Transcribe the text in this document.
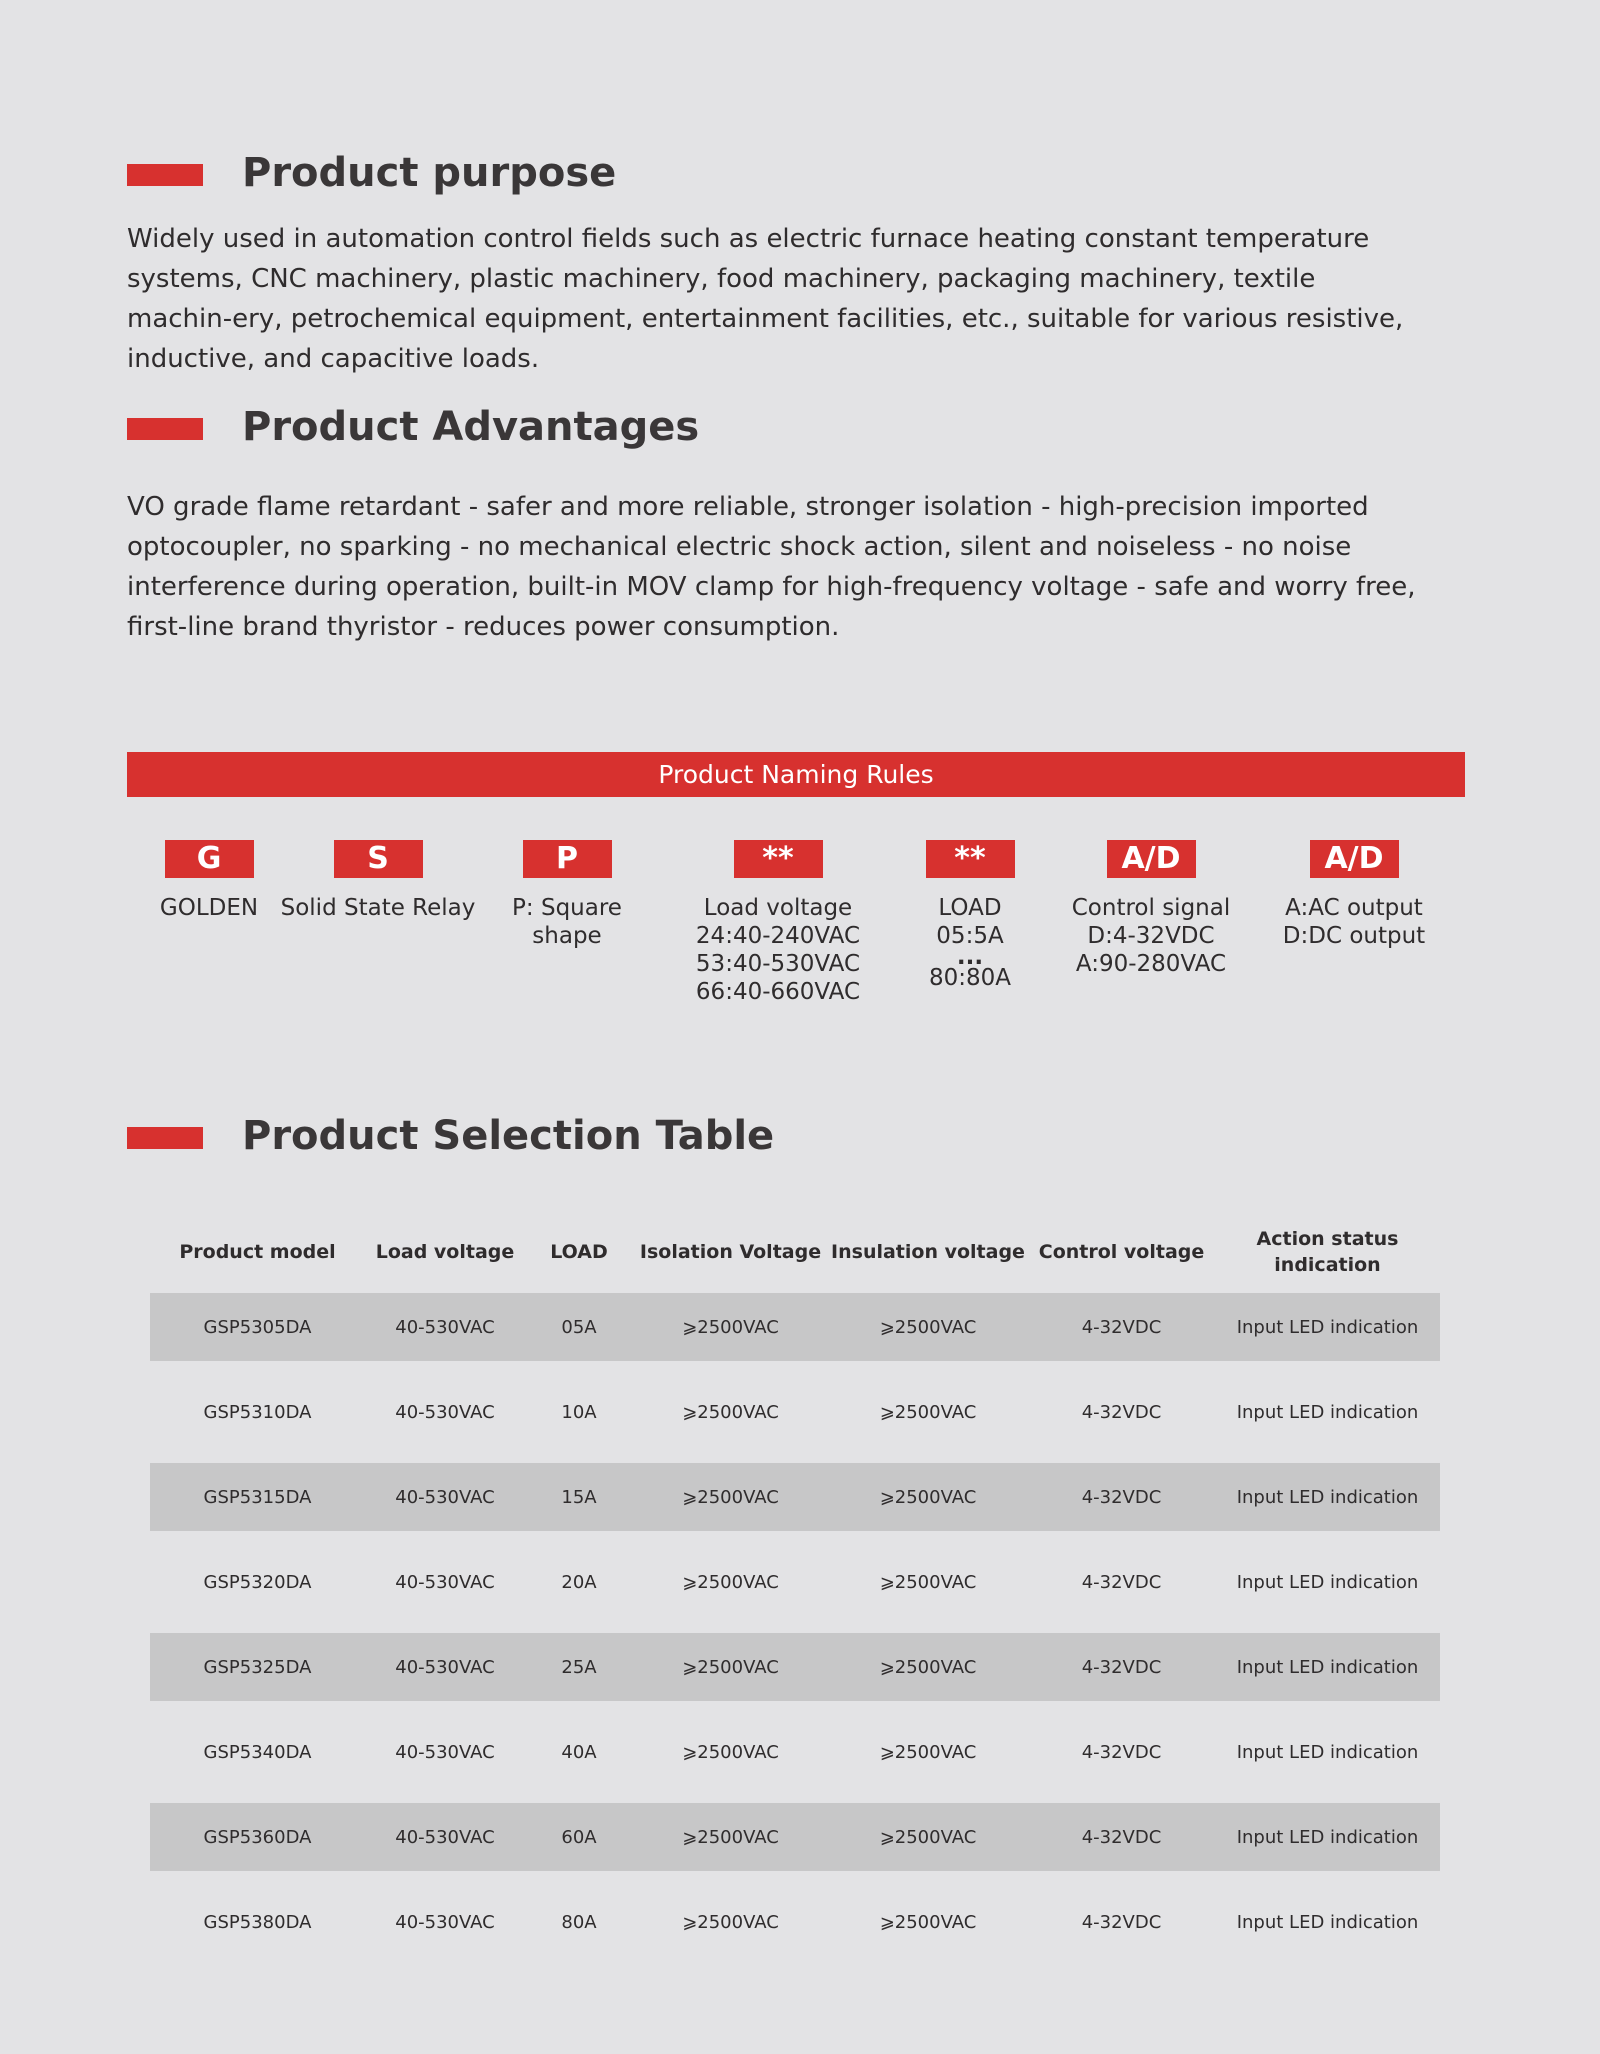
Product purpose

Widely used in automation control fields such as electric furnace heating constant temperature systems, CNC machinery, plastic machinery, food machinery, packaging machinery, textile machin-ery, petrochemical equipment, entertainment facilities, etc., suitable for various resistive, inductive, and capacitive loads.

Product Advantages

VO grade flame retardant - safer and more reliable, stronger isolation - high-precision imported optocoupler, no sparking - no mechanical electric shock action, silent and noiseless - no noise interference during operation, built-in MOV clamp for high-frequency voltage - safe and worry free, first-line brand thyristor - reduces power consumption.

Product Naming Rules
G
GOLDEN
S
Solid State Relay
P
P: Square
shape
**
Load voltage
24:40-240VAC
53:40-530VAC
66:40-660VAC
**
LOAD
05:5A
...
80:80A
A/D
Control signal
D:4-32VDC
A:90-280VAC
A/D
A:AC output
D:DC output
Product Selection Table
Product model	Load voltage	LOAD	Isolation Voltage	Insulation voltage	Control voltage	Action status indication
GSP5305DA	40-530VAC	05A	⩾2500VAC	⩾2500VAC	4-32VDC	Input LED indication
GSP5310DA	40-530VAC	10A	⩾2500VAC	⩾2500VAC	4-32VDC	Input LED indication
GSP5315DA	40-530VAC	15A	⩾2500VAC	⩾2500VAC	4-32VDC	Input LED indication
GSP5320DA	40-530VAC	20A	⩾2500VAC	⩾2500VAC	4-32VDC	Input LED indication
GSP5325DA	40-530VAC	25A	⩾2500VAC	⩾2500VAC	4-32VDC	Input LED indication
GSP5340DA	40-530VAC	40A	⩾2500VAC	⩾2500VAC	4-32VDC	Input LED indication
GSP5360DA	40-530VAC	60A	⩾2500VAC	⩾2500VAC	4-32VDC	Input LED indication
GSP5380DA	40-530VAC	80A	⩾2500VAC	⩾2500VAC	4-32VDC	Input LED indication
